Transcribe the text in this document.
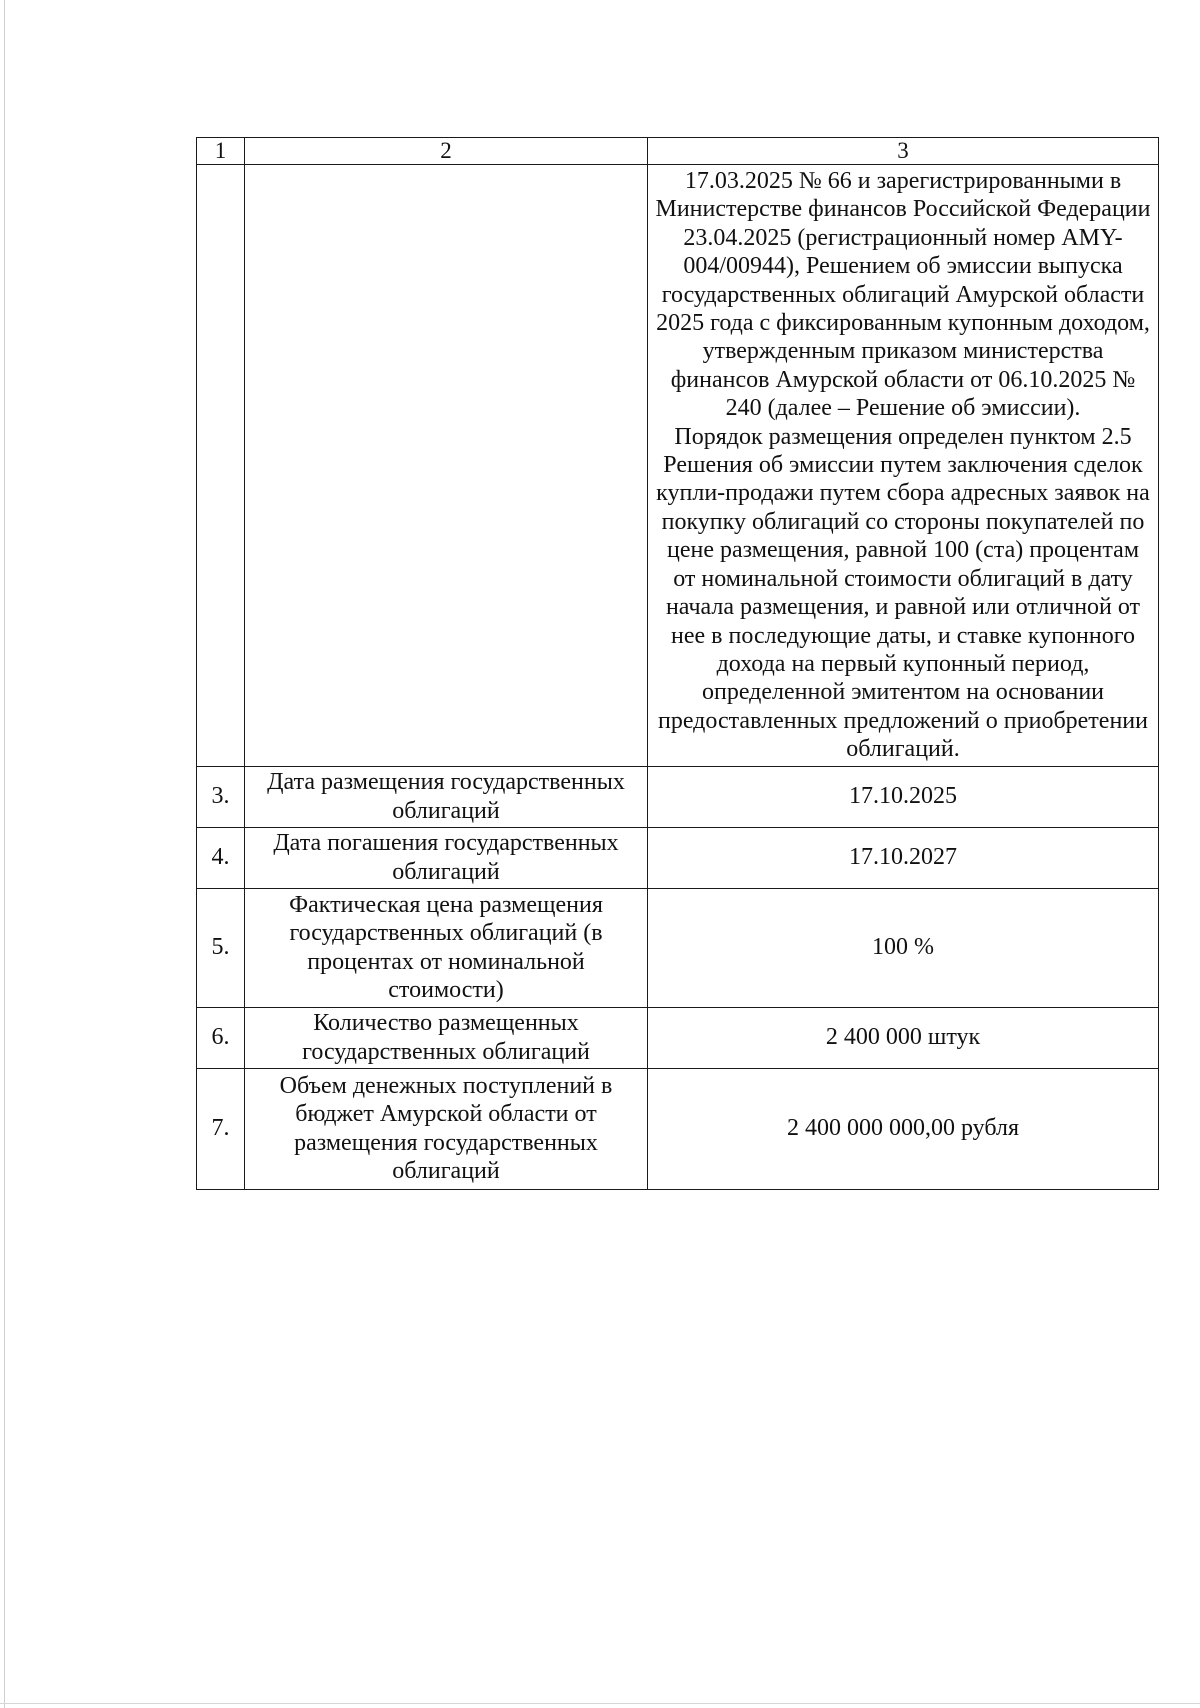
1	2	3

		17.03.2025 № 66 и зарегистрированными в Министерстве финансов Российской Федерации 23.04.2025 (регистрационный номер AMY-004/00944), Решением об эмиссии выпуска государственных облигаций Амурской области 2025 года с фиксированным купонным доходом, утвержденным приказом министерства финансов Амурской области от 06.10.2025 № 240 (далее – Решение об эмиссии).

Порядок размещения определен пунктом 2.5 Решения об эмиссии путем заключения сделок купли-продажи путем сбора адресных заявок на покупку облигаций со стороны покупателей по цене размещения, равной 100 (ста) процентам от номинальной стоимости облигаций в дату начала размещения, и равной или отличной от нее в последующие даты, и ставке купонного дохода на первый купонный период, определенной эмитентом на основании предоставленных предложений о приобретении облигаций.

3.	Дата размещения государственных облигаций	17.10.2025
4.	Дата погашения государственных облигаций	17.10.2027
5.	Фактическая цена размещения государственных облигаций (в процентах от номинальной стоимости)	100 %
6.	Количество размещенных государственных облигаций	2 400 000 штук
7.	Объем денежных поступлений в бюджет Амурской области от размещения государственных облигаций	2 400 000 000,00 рубля
